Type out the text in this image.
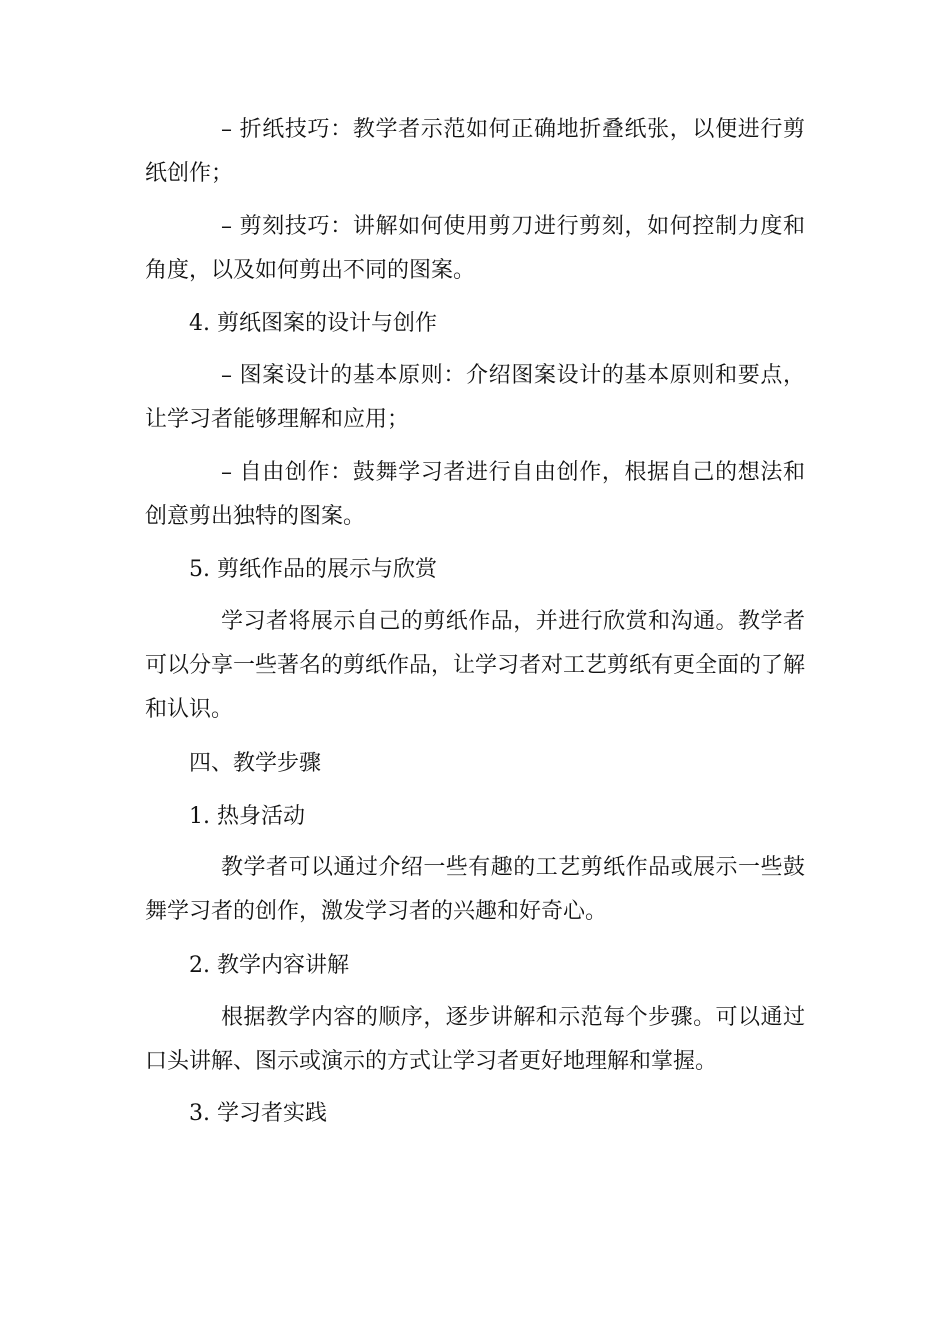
– 折纸技巧：教学者示范如何正确地折叠纸张，以便进行剪纸创作；

– 剪刻技巧：讲解如何使用剪刀进行剪刻，如何控制力度和角度，以及如何剪出不同的图案。

4. 剪纸图案的设计与创作

– 图案设计的基本原则：介绍图案设计的基本原则和要点，让学习者能够理解和应用；

– 自由创作：鼓舞学习者进行自由创作，根据自己的想法和创意剪出独特的图案。

5. 剪纸作品的展示与欣赏

学习者将展示自己的剪纸作品，并进行欣赏和沟通。教学者可以分享一些著名的剪纸作品，让学习者对工艺剪纸有更全面的了解和认识。

四、教学步骤

1. 热身活动

教学者可以通过介绍一些有趣的工艺剪纸作品或展示一些鼓舞学习者的创作，激发学习者的兴趣和好奇心。

2. 教学内容讲解

根据教学内容的顺序，逐步讲解和示范每个步骤。可以通过口头讲解、图示或演示的方式让学习者更好地理解和掌握。

3. 学习者实践
